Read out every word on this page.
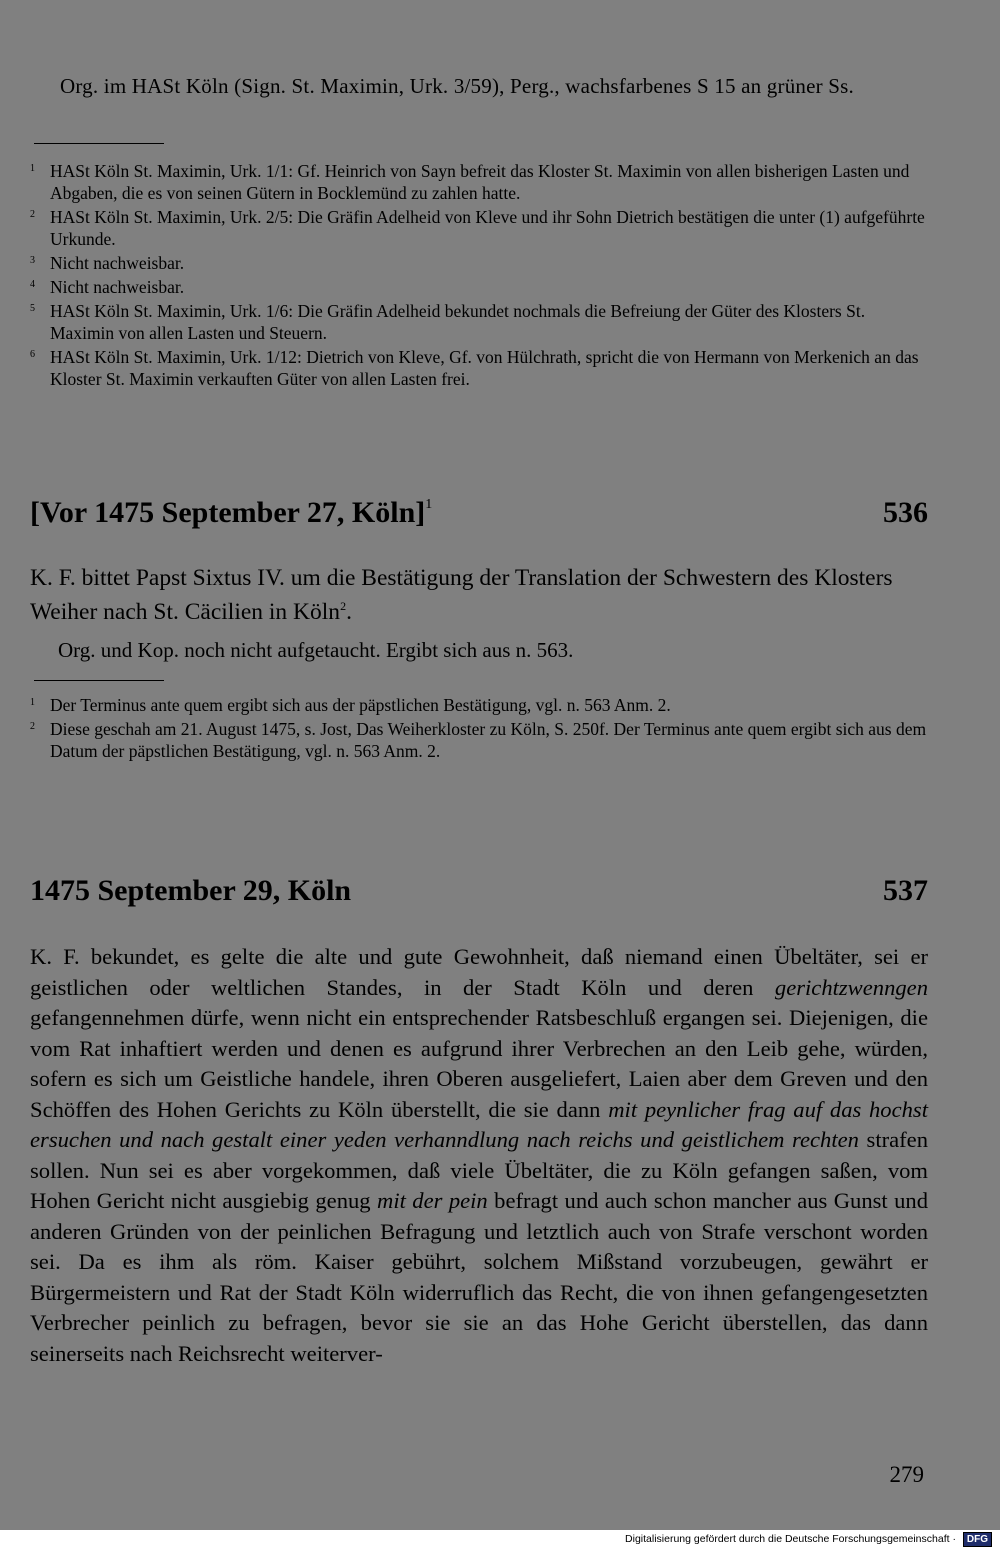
Org. im HASt Köln (Sign. St. Maximin, Urk. 3/59), Perg., wachsfarbenes S 15 an grüner Ss.

$^1$ HASt Köln St. Maximin, Urk. 1/1: Gf. Heinrich von Sayn befreit das Kloster St. Maximin von allen bisherigen Lasten und Abgaben, die es von seinen Gütern in Bocklemünd zu zahlen hatte.

$^2$ HASt Köln St. Maximin, Urk. 2/5: Die Gräfin Adelheid von Kleve und ihr Sohn Dietrich bestätigen die unter (1) aufgeführte Urkunde.

$^3$ Nicht nachweisbar.

$^4$ Nicht nachweisbar.

$^5$ HASt Köln St. Maximin, Urk. 1/6: Die Gräfin Adelheid bekundet nochmals die Befreiung der Güter des Klosters St. Maximin von allen Lasten und Steuern.

$^6$ HASt Köln St. Maximin, Urk. 1/12: Dietrich von Kleve, Gf. von Hülchrath, spricht die von Hermann von Merkenich an das Kloster St. Maximin verkauften Güter von allen Lasten frei.

[Vor 1475 September 27, Köln]$^1$	536
K. F. bittet Papst Sixtus IV. um die Bestätigung der Translation der Schwestern des Klosters Weiher nach St. Cäcilien in Köln$^2$.
Org. und Kop. noch nicht aufgetaucht. Ergibt sich aus n. 563.

$^1$ Der Terminus ante quem ergibt sich aus der päpstlichen Bestätigung, vgl. n. 563 Anm. 2.

$^2$ Diese geschah am 21. August 1475, s. Jost, Das Weiherkloster zu Köln, S. 250f. Der Terminus ante quem ergibt sich aus dem Datum der päpstlichen Bestätigung, vgl. n. 563 Anm. 2.

1475 September 29, Köln	537

K. F. bekundet, es gelte die alte und gute Gewohnheit, daß niemand einen Übeltäter, sei er geistlichen oder weltlichen Standes, in der Stadt Köln und deren gerichtzwenngen gefangennehmen dürfe, wenn nicht ein entsprechender Ratsbeschluß ergangen sei. Diejenigen, die vom Rat inhaftiert werden und denen es aufgrund ihrer Verbrechen an den Leib gehe, würden, sofern es sich um Geistliche handele, ihren Oberen ausgeliefert, Laien aber dem Greven und den Schöffen des Hohen Gerichts zu Köln überstellt, die sie dann mit peynlicher frag auf das hochst ersuchen und nach gestalt einer yeden verhanndlung nach reichs und geistlichem rechten strafen sollen. Nun sei es aber vorgekommen, daß viele Übeltäter, die zu Köln gefangen saßen, vom Hohen Gericht nicht ausgiebig genug mit der pein befragt und auch schon mancher aus Gunst und anderen Gründen von der peinlichen Befragung und letztlich auch von Strafe verschont worden sei. Da es ihm als röm. Kaiser gebührt, solchem Mißstand vorzubeugen, gewährt er Bürgermeistern und Rat der Stadt Köln widerruflich das Recht, die von ihnen gefangengesetzten Verbrecher peinlich zu befragen, bevor sie sie an das Hohe Gericht überstellen, das dann seinerseits nach Reichsrecht weiterver-

279
Digitalisierung gefördert durch die Deutsche Forschungsgemeinschaft · DFG
